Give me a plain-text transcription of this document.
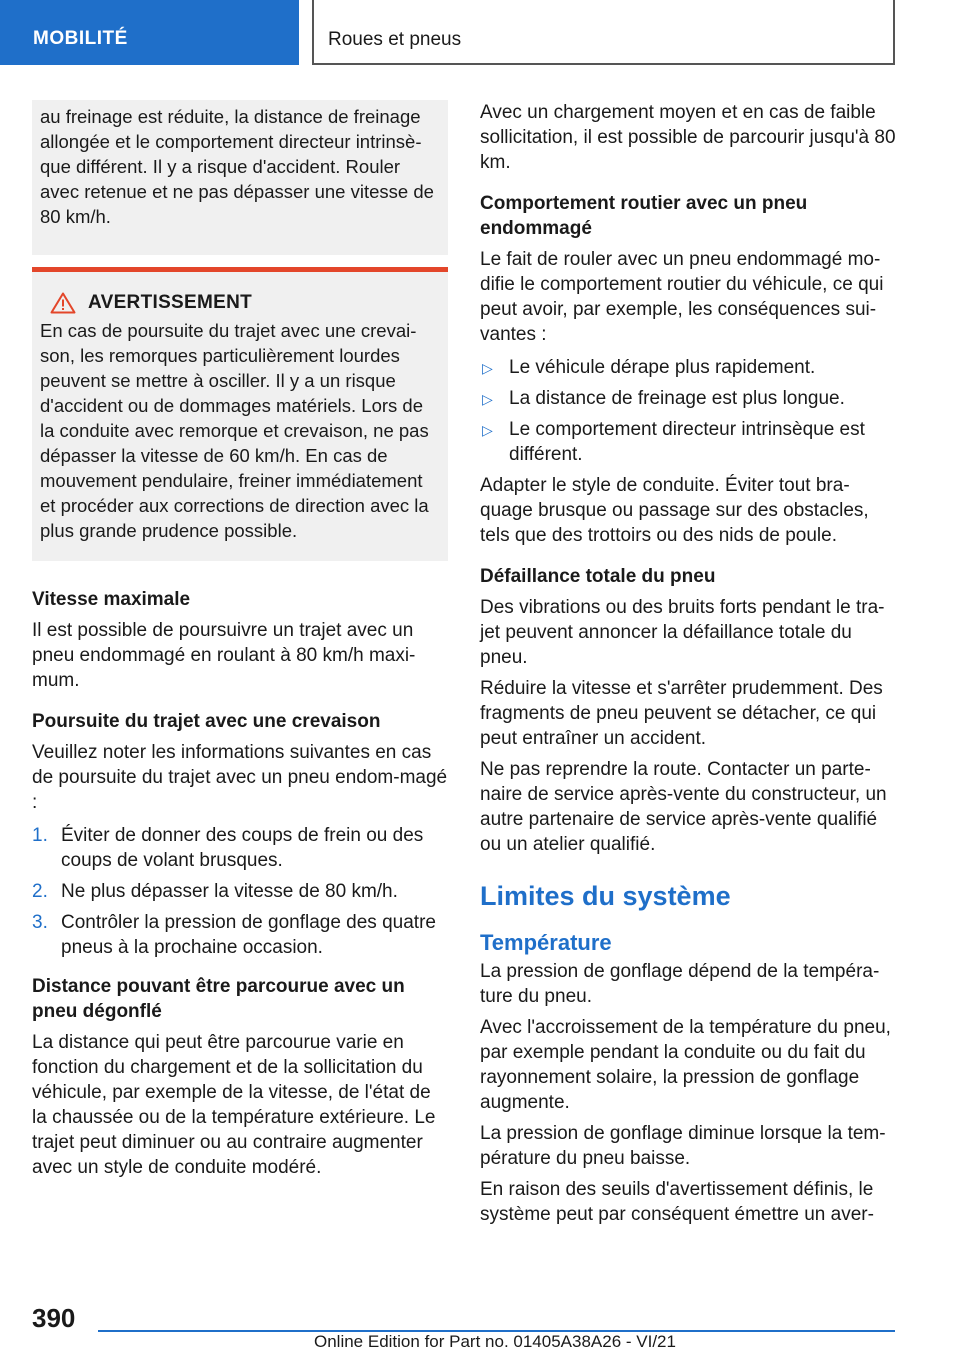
MOBILITÉ	Roues et pneus

au freinage est réduite, la distance de freinage allongée et le comportement directeur intrinsè-que différent. Il y a risque d'accident. Rouler avec retenue et ne pas dépasser une vitesse de 80 km/h.

AVERTISSEMENT

En cas de poursuite du trajet avec une crevai-son, les remorques particulièrement lourdes peuvent se mettre à osciller. Il y a un risque d'accident ou de dommages matériels. Lors de la conduite avec remorque et crevaison, ne pas dépasser la vitesse de 60 km/h. En cas de mouvement pendulaire, freiner immédiatement et procéder aux corrections de direction avec la plus grande prudence possible.

Vitesse maximale

Il est possible de poursuivre un trajet avec un pneu endommagé en roulant à 80 km/h maxi-mum.

Poursuite du trajet avec une crevaison

Veuillez noter les informations suivantes en cas de poursuite du trajet avec un pneu endom-magé :

1. Éviter de donner des coups de frein ou des coups de volant brusques.
2. Ne plus dépasser la vitesse de 80 km/h.
3. Contrôler la pression de gonflage des quatre pneus à la prochaine occasion.
Distance pouvant être parcourue avec un pneu dégonflé

La distance qui peut être parcourue varie en fonction du chargement et de la sollicitation du véhicule, par exemple de la vitesse, de l'état de la chaussée ou de la température extérieure. Le trajet peut diminuer ou au contraire augmenter avec un style de conduite modéré.

Avec un chargement moyen et en cas de faible sollicitation, il est possible de parcourir jusqu'à 80 km.

Comportement routier avec un pneu endommagé

Le fait de rouler avec un pneu endommagé mo-difie le comportement routier du véhicule, ce qui peut avoir, par exemple, les conséquences sui-vantes :

▷ Le véhicule dérape plus rapidement.
▷ La distance de freinage est plus longue.
▷ Le comportement directeur intrinsèque est différent.

Adapter le style de conduite. Éviter tout bra-quage brusque ou passage sur des obstacles, tels que des trottoirs ou des nids de poule.

Défaillance totale du pneu

Des vibrations ou des bruits forts pendant le tra-jet peuvent annoncer la défaillance totale du pneu.

Réduire la vitesse et s'arrêter prudemment. Des fragments de pneu peuvent se détacher, ce qui peut entraîner un accident.

Ne pas reprendre la route. Contacter un parte-naire de service après-vente du constructeur, un autre partenaire de service après-vente qualifié ou un atelier qualifié.

Limites du système
Température

La pression de gonflage dépend de la tempéra-ture du pneu.

Avec l'accroissement de la température du pneu, par exemple pendant la conduite ou du fait du rayonnement solaire, la pression de gonflage augmente.

La pression de gonflage diminue lorsque la tem-pérature du pneu baisse.

En raison des seuils d'avertissement définis, le système peut par conséquent émettre un aver-

390
Online Edition for Part no. 01405A38A26 - VI/21
